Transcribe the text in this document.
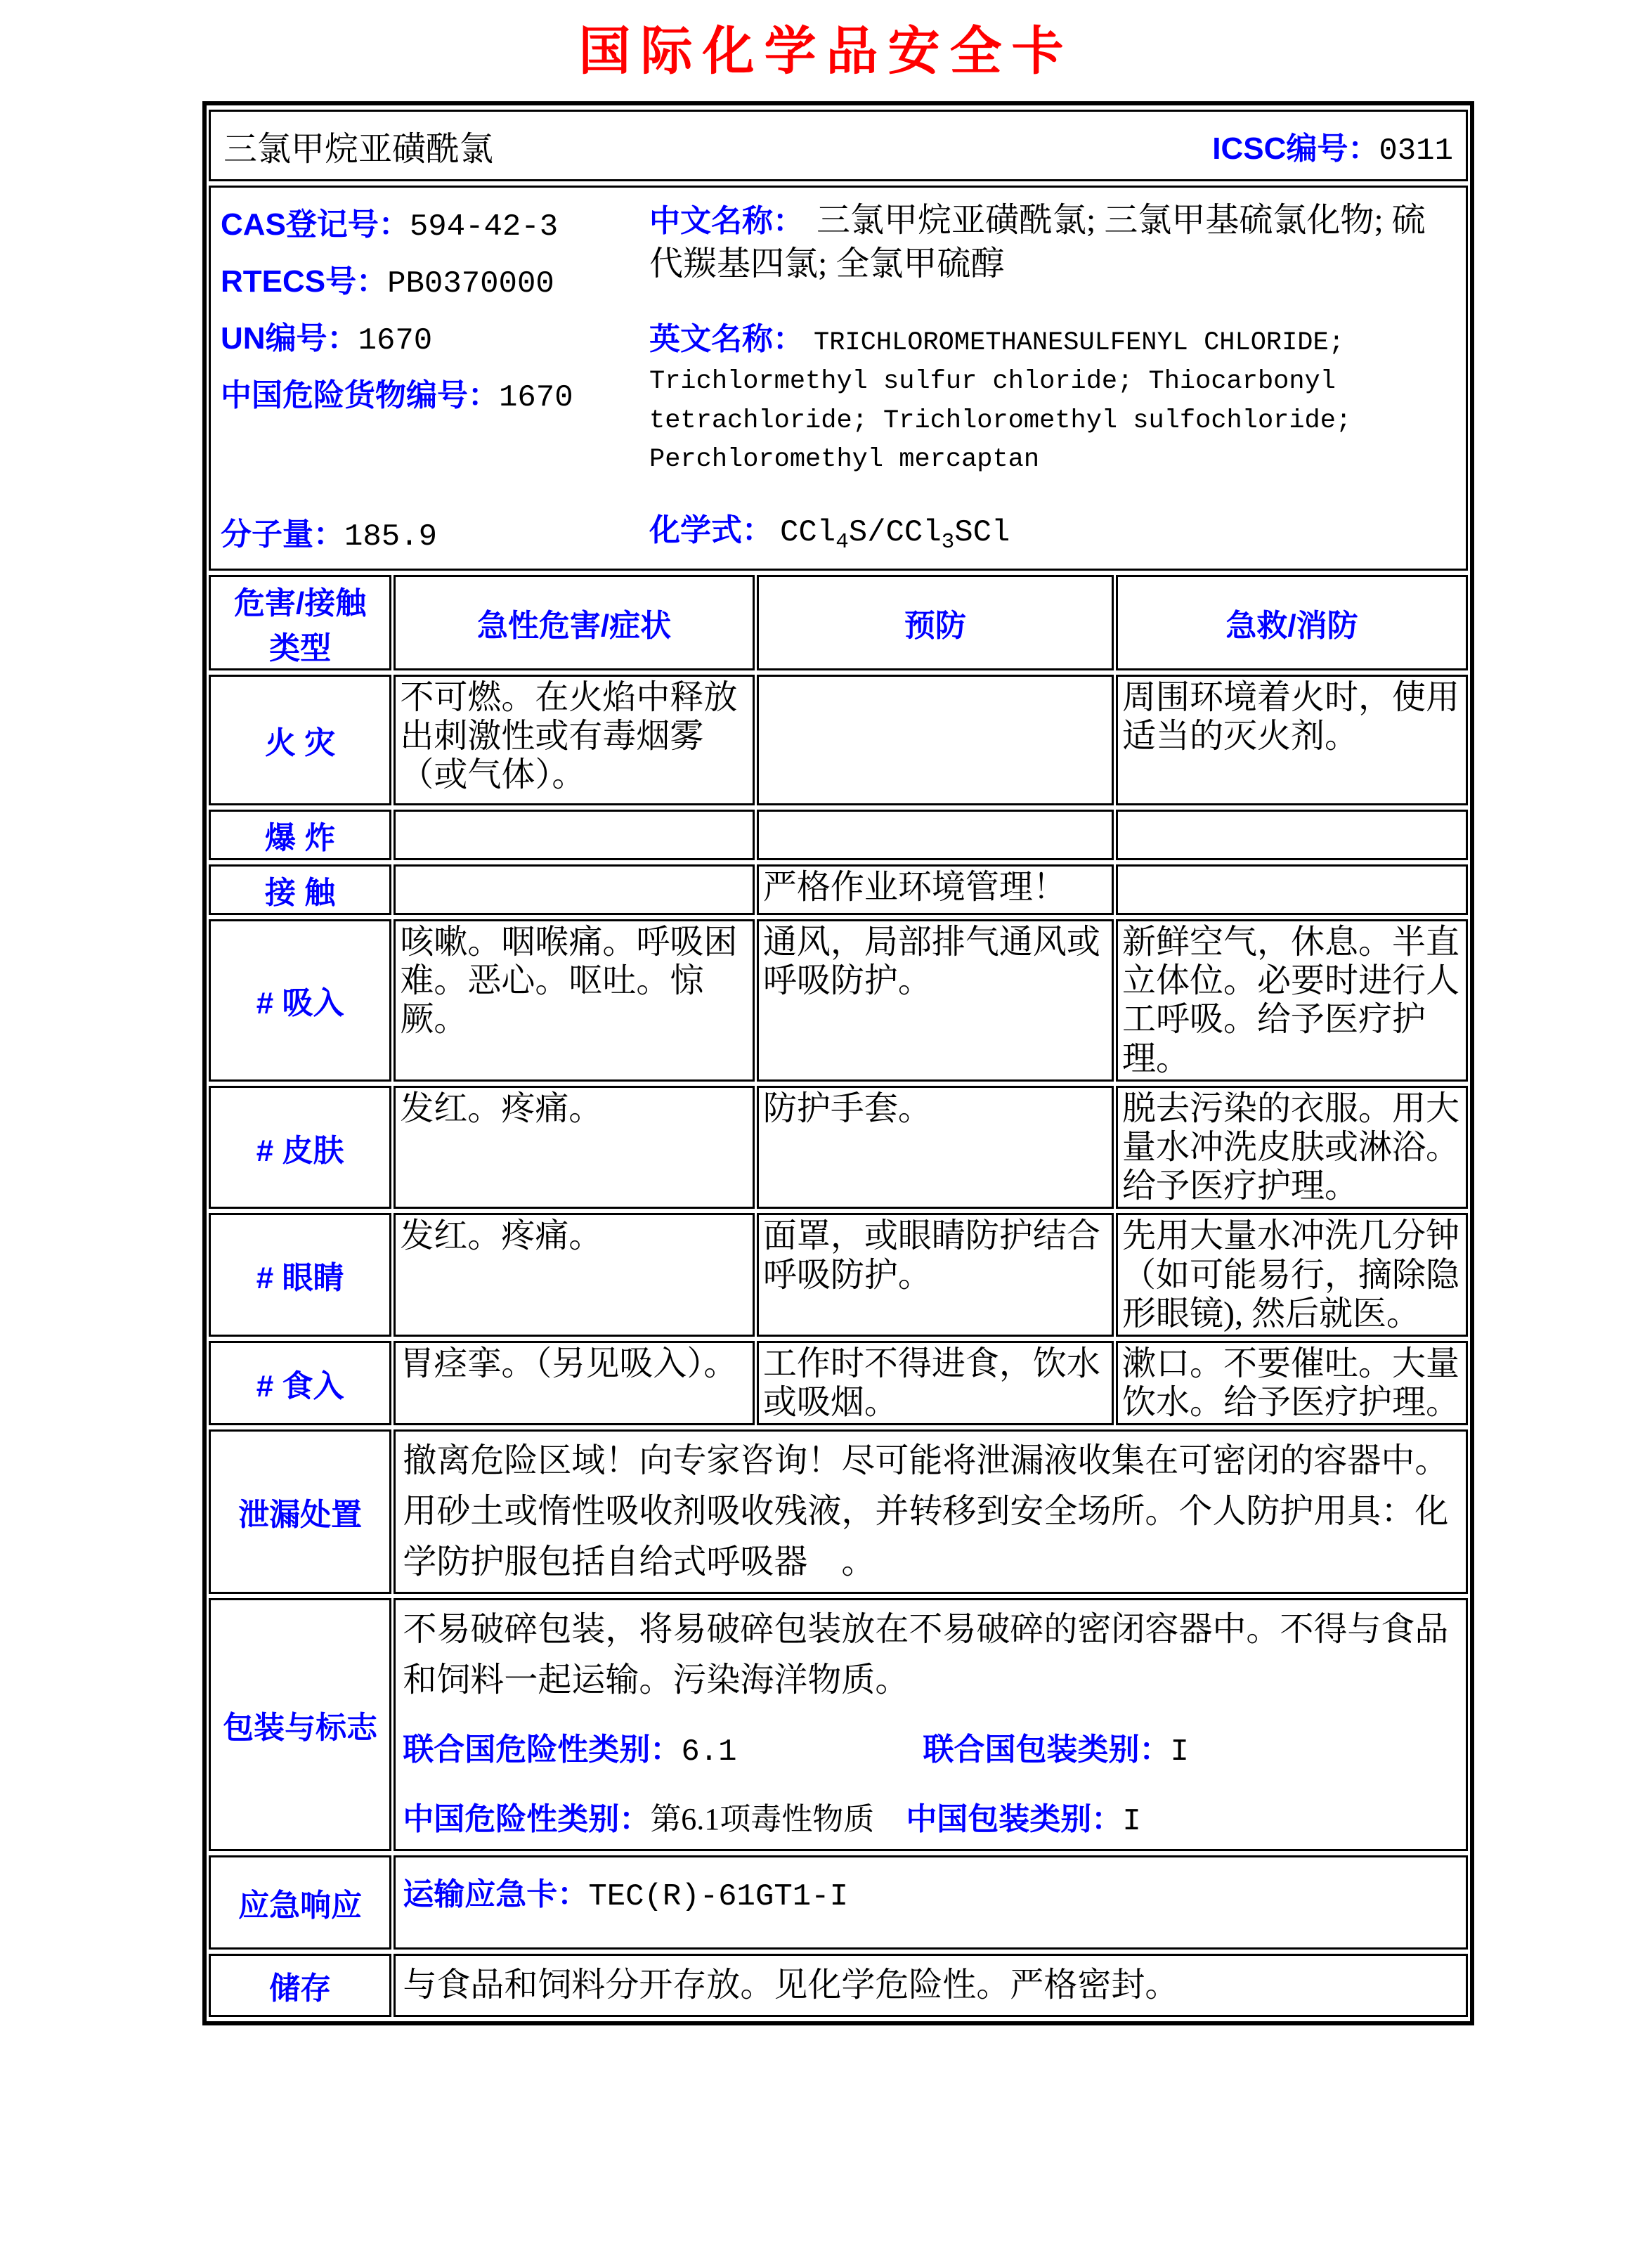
国际化学品安全卡
三氯甲烷亚磺酰氯 ICSC编号：0311			

CAS登记号：594-42-3

RTECS号：PB0370000

UN编号：1670

中国危险货物编号：1670

分子量：185.9

中文名称： 三氯甲烷亚磺酰氯; 三氯甲基硫氯化物; 硫代羰基四氯; 全氯甲硫醇

英文名称： TRICHLOROMETHANESULFENYL CHLORIDE; Trichlormethyl sulfur chloride; Thiocarbonyl tetrachloride; Trichloromethyl sulfochloride; Perchloromethyl mercaptan

化学式： CCl$_4$S/CCl$_3$SCl

危害/接触
类型	急性危害/症状	预防	急救/消防
火 灾	不可燃。在火焰中释放出刺激性或有毒烟雾（或气体）。		周围环境着火时，使用适当的灭火剂。
爆 炸			
接 触		严格作业环境管理！	
# 吸入	咳嗽。咽喉痛。呼吸困难。恶心。呕吐。惊厥。	通风，局部排气通风或呼吸防护。	新鲜空气，休息。半直立体位。必要时进行人工呼吸。给予医疗护理。
# 皮肤	发红。疼痛。	防护手套。	脱去污染的衣服。用大量水冲洗皮肤或淋浴。给予医疗护理。
# 眼睛	发红。疼痛。	面罩，或眼睛防护结合呼吸防护。	先用大量水冲洗几分钟（如可能易行，摘除隐形眼镜), 然后就医。
# 食入	胃痉挛。（另见吸入）。	工作时不得进食，饮水或吸烟。	漱口。不要催吐。大量饮水。给予医疗护理。
泄漏处置	撤离危险区域！向专家咨询！尽可能将泄漏液收集在可密闭的容器中。用砂土或惰性吸收剂吸收残液，并转移到安全场所。个人防护用具：化学防护服包括自给式呼吸器　。		
包装与标志	不易破碎包装，将易破碎包装放在不易破碎的密闭容器中。不得与食品和饲料一起运输。污染海洋物质。
联合国危险性类别：6.1 联合国包装类别：I
中国危险性类别：第6.1项毒性物质 中国包装类别：I		

应急响应	运输应急卡：TEC(R)-61GT1-I		
储存	与食品和饲料分开存放。见化学危险性。严格密封。		
